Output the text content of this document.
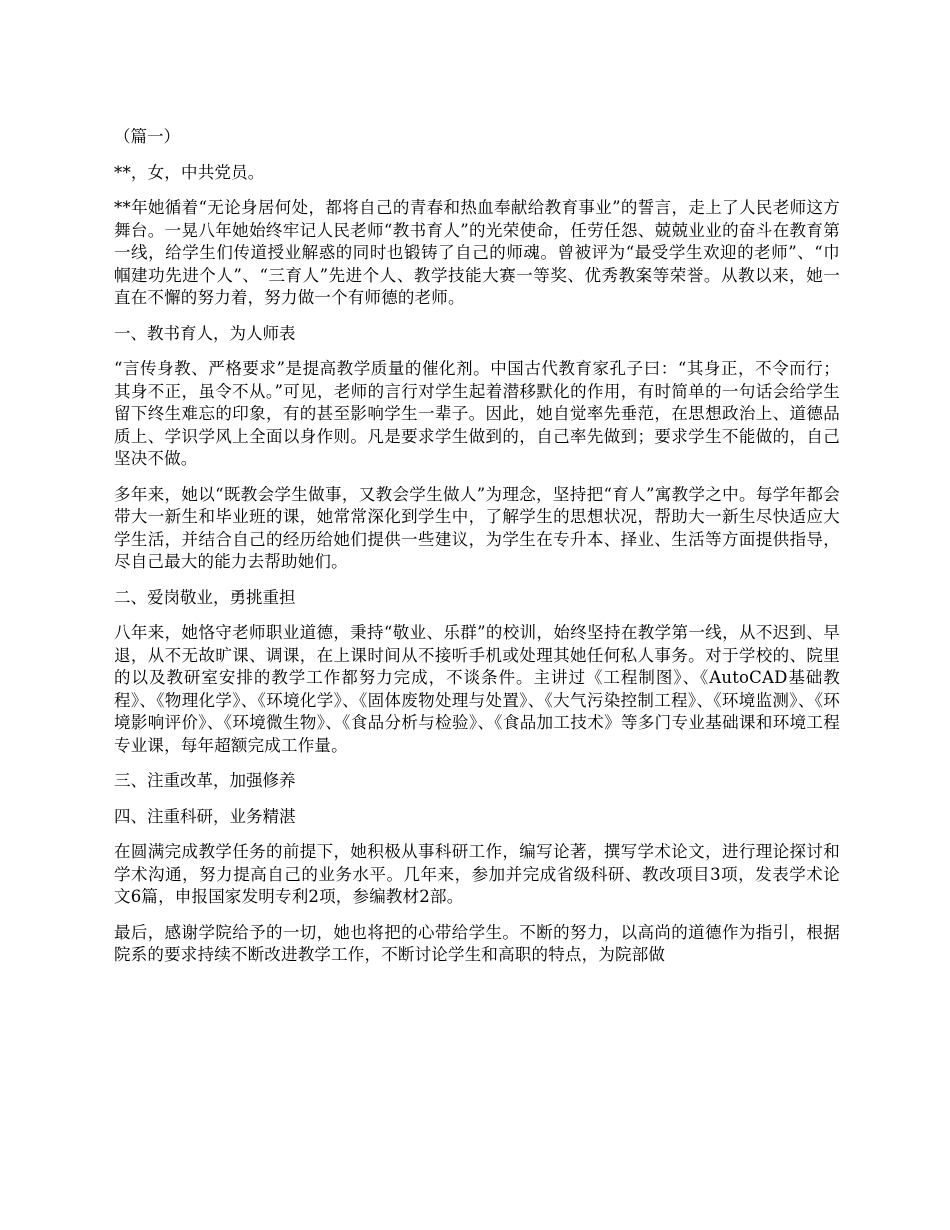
（篇一）

**，女，中共党员。

**年她循着“无论身居何处，都将自己的青春和热血奉献给教育事业”的誓言，走上了人民老师这方舞台。一晃八年她始终牢记人民老师“教书育人”的光荣使命，任劳任怨、兢兢业业的奋斗在教育第一线，给学生们传道授业解惑的同时也锻铸了自己的师魂。曾被评为“最受学生欢迎的老师”、“巾帼建功先进个人”、“三育人”先进个人、教学技能大赛一等奖、优秀教案等荣誉。从教以来，她一直在不懈的努力着，努力做一个有师德的老师。

一、教书育人，为人师表

“言传身教、严格要求”是提高教学质量的催化剂。中国古代教育家孔子曰：“其身正，不令而行；其身不正，虽令不从。”可见，老师的言行对学生起着潜移默化的作用，有时简单的一句话会给学生留下终生难忘的印象，有的甚至影响学生一辈子。因此，她自觉率先垂范，在思想政治上、道德品质上、学识学风上全面以身作则。凡是要求学生做到的，自己率先做到；要求学生不能做的，自己坚决不做。

多年来，她以“既教会学生做事，又教会学生做人”为理念，坚持把“育人”寓教学之中。每学年都会带大一新生和毕业班的课，她常常深化到学生中，了解学生的思想状况，帮助大一新生尽快适应大学生活，并结合自己的经历给她们提供一些建议，为学生在专升本、择业、生活等方面提供指导，尽自己最大的能力去帮助她们。

二、爱岗敬业，勇挑重担

八年来，她恪守老师职业道德，秉持“敬业、乐群”的校训，始终坚持在教学第一线，从不迟到、早退，从不无故旷课、调课，在上课时间从不接听手机或处理其她任何私人事务。对于学校的、院里的以及教研室安排的教学工作都努力完成，不谈条件。主讲过《工程制图》、《AutoCAD基础教程》、《物理化学》、《环境化学》、《固体废物处理与处置》、《大气污染控制工程》、《环境监测》、《环境影响评价》、《环境微生物》、《食品分析与检验》、《食品加工技术》等多门专业基础课和环境工程专业课，每年超额完成工作量。

三、注重改革，加强修养

四、注重科研，业务精湛

在圆满完成教学任务的前提下，她积极从事科研工作，编写论著，撰写学术论文，进行理论探讨和学术沟通，努力提高自己的业务水平。几年来，参加并完成省级科研、教改项目3项，发表学术论文6篇，申报国家发明专利2项，参编教材2部。

最后，感谢学院给予的一切，她也将把的心带给学生。不断的努力，以高尚的道德作为指引，根据院系的要求持续不断改进教学工作，不断讨论学生和高职的特点，为院部做
